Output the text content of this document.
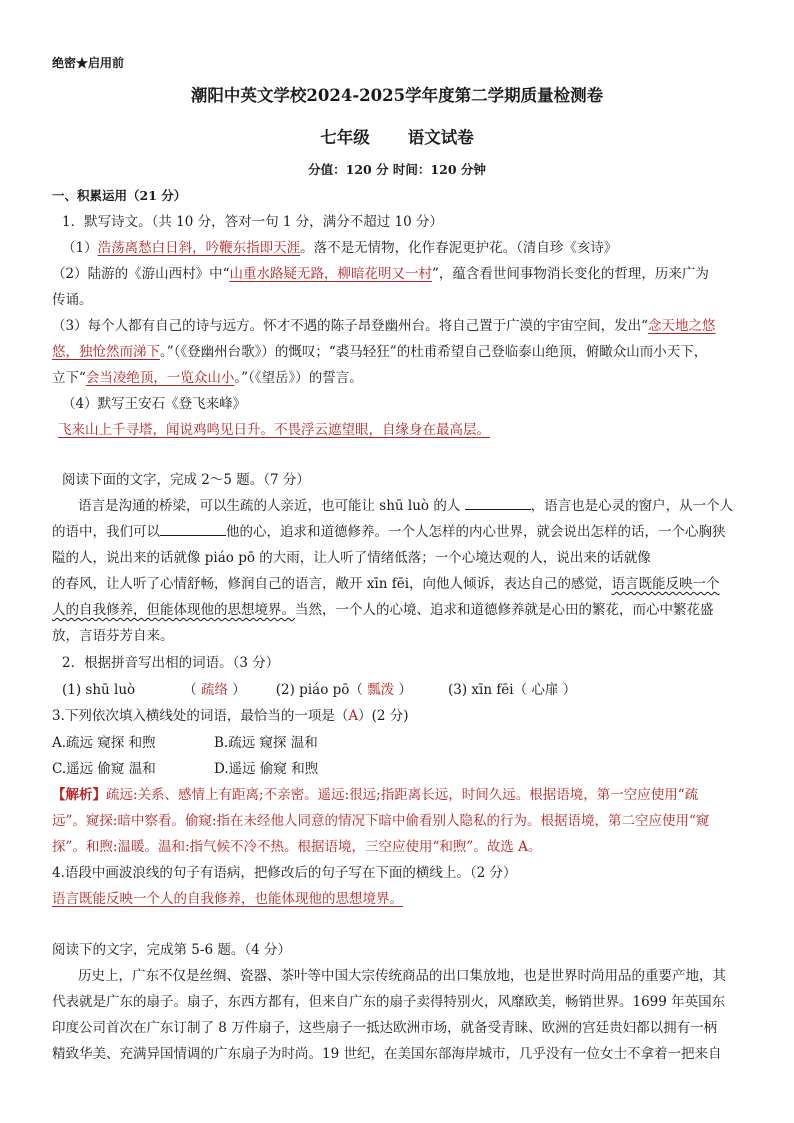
绝密★启用前
潮阳中英文学校2024-2025学年度第二学期质量检测卷
七年级 语文试卷
分值：120 分 时间：120 分钟
一、积累运用（21 分）
1．默写诗文。（共 10 分，答对一句 1 分，满分不超过 10 分）
（1）浩荡离愁白日斜，吟鞭东指即天涯。落不是无情物，化作春泥更护花。（清自珍《亥诗》
（2）陆游的《游山西村》中“山重水路疑无路，柳暗花明又一村”，蕴含看世间事物消长变化的哲理，历来广为
传诵。
（3）每个人都有自己的诗与远方。怀才不遇的陈子昂登幽州台。将自己置于广漠的宇宙空间，发出“念天地之悠
悠，独怆然而涕下。”（《登幽州台歌》）的慨叹；“裘马轻狂”的杜甫希望自己登临泰山绝顶，俯瞰众山而小天下，
立下“会当凌绝顶，一览众山小。”（《望岳》）的誓言。
（4）默写王安石《登飞来峰》
飞来山上千寻塔，闻说鸡鸣见日升。不畏浮云遮望眼，自缘身在最高层。
阅读下面的文字，完成 2～5 题。（7 分）
语言是沟通的桥梁，可以生疏的人亲近，也可能让 shū luò 的人	，语言也是心灵的窗户，从一个人
的语中，我们可以	他的心，追求和道德修养。一个人怎样的内心世界，就会说出怎样的话，一个心胸狭
隘的人，说出来的话就像 piáo pō 的大雨，让人听了情绪低落；一个心境达观的人，说出来的话就像
的春风，让人听了心情舒畅，修润自己的语言，敞开 xīn fēi，向他人倾诉，表达自己的感觉，语言既能反映一个
人的自我修养，但能体现他的思想境界。当然，一个人的心境、追求和道德修养就是心田的繁花，而心中繁花盛
放，言语芬芳自来。
2．根据拼音写出相的词语。（3 分）
(1) shū luò	（ 疏络 ） (2) piáo pō（ 瓢泼 ）	(3) xīn fēi（ 心扉 ）
3.下列依次填入横线处的词语，最恰当的一项是（A）(2 分)
A.疏远 窥探 和煦	B.疏远 窥探 温和
C.遥远 偷窥 温和	D.遥远 偷窥 和煦
【解析】疏远:关系、感情上有距离;不亲密。遥远:很远;指距离长远，时间久远。根据语境，第一空应使用“疏
远”。窥探:暗中察看。偷窥:指在未经他人同意的情况下暗中偷看别人隐私的行为。根据语境，第二空应使用“窥
探”。和煦:温暖。温和:指气候不冷不热。根据语境，三空应使用“和煦”。故选 A。
4.语段中画波浪线的句子有语病，把修改后的句子写在下面的横线上。（2 分）
语言既能反映一个人的自我修养，也能体现他的思想境界。
阅读下的文字，完成第 5-6 题。（4 分）
历史上，广东不仅是丝绸、瓷器、茶叶等中国大宗传统商品的出口集放地，也是世界时尚用品的重要产地，其
代表就是广东的扇子。扇子，东西方都有，但来自广东的扇子卖得特别火，风靡欧美，畅销世界。1699 年英国东
印度公司首次在广东订制了 8 万件扇子，这些扇子一抵达欧洲市场，就备受青睐、欧洲的宫廷贵妇都以拥有一柄
精致华美、充满异国情调的广东扇子为时尚。19 世纪，在美国东部海岸城市，几乎没有一位女士不拿着一把来自
